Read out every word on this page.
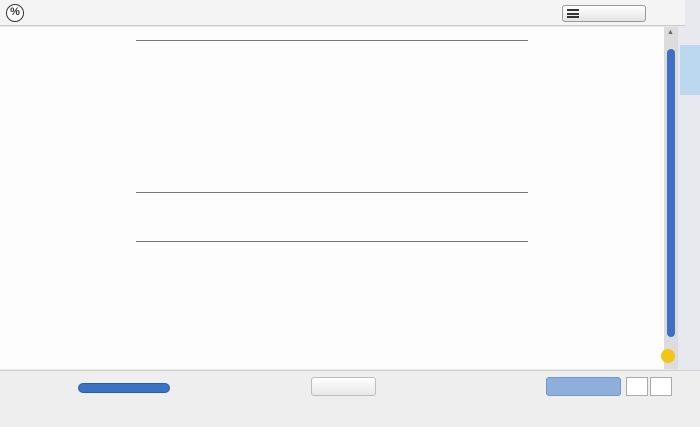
%
▲
